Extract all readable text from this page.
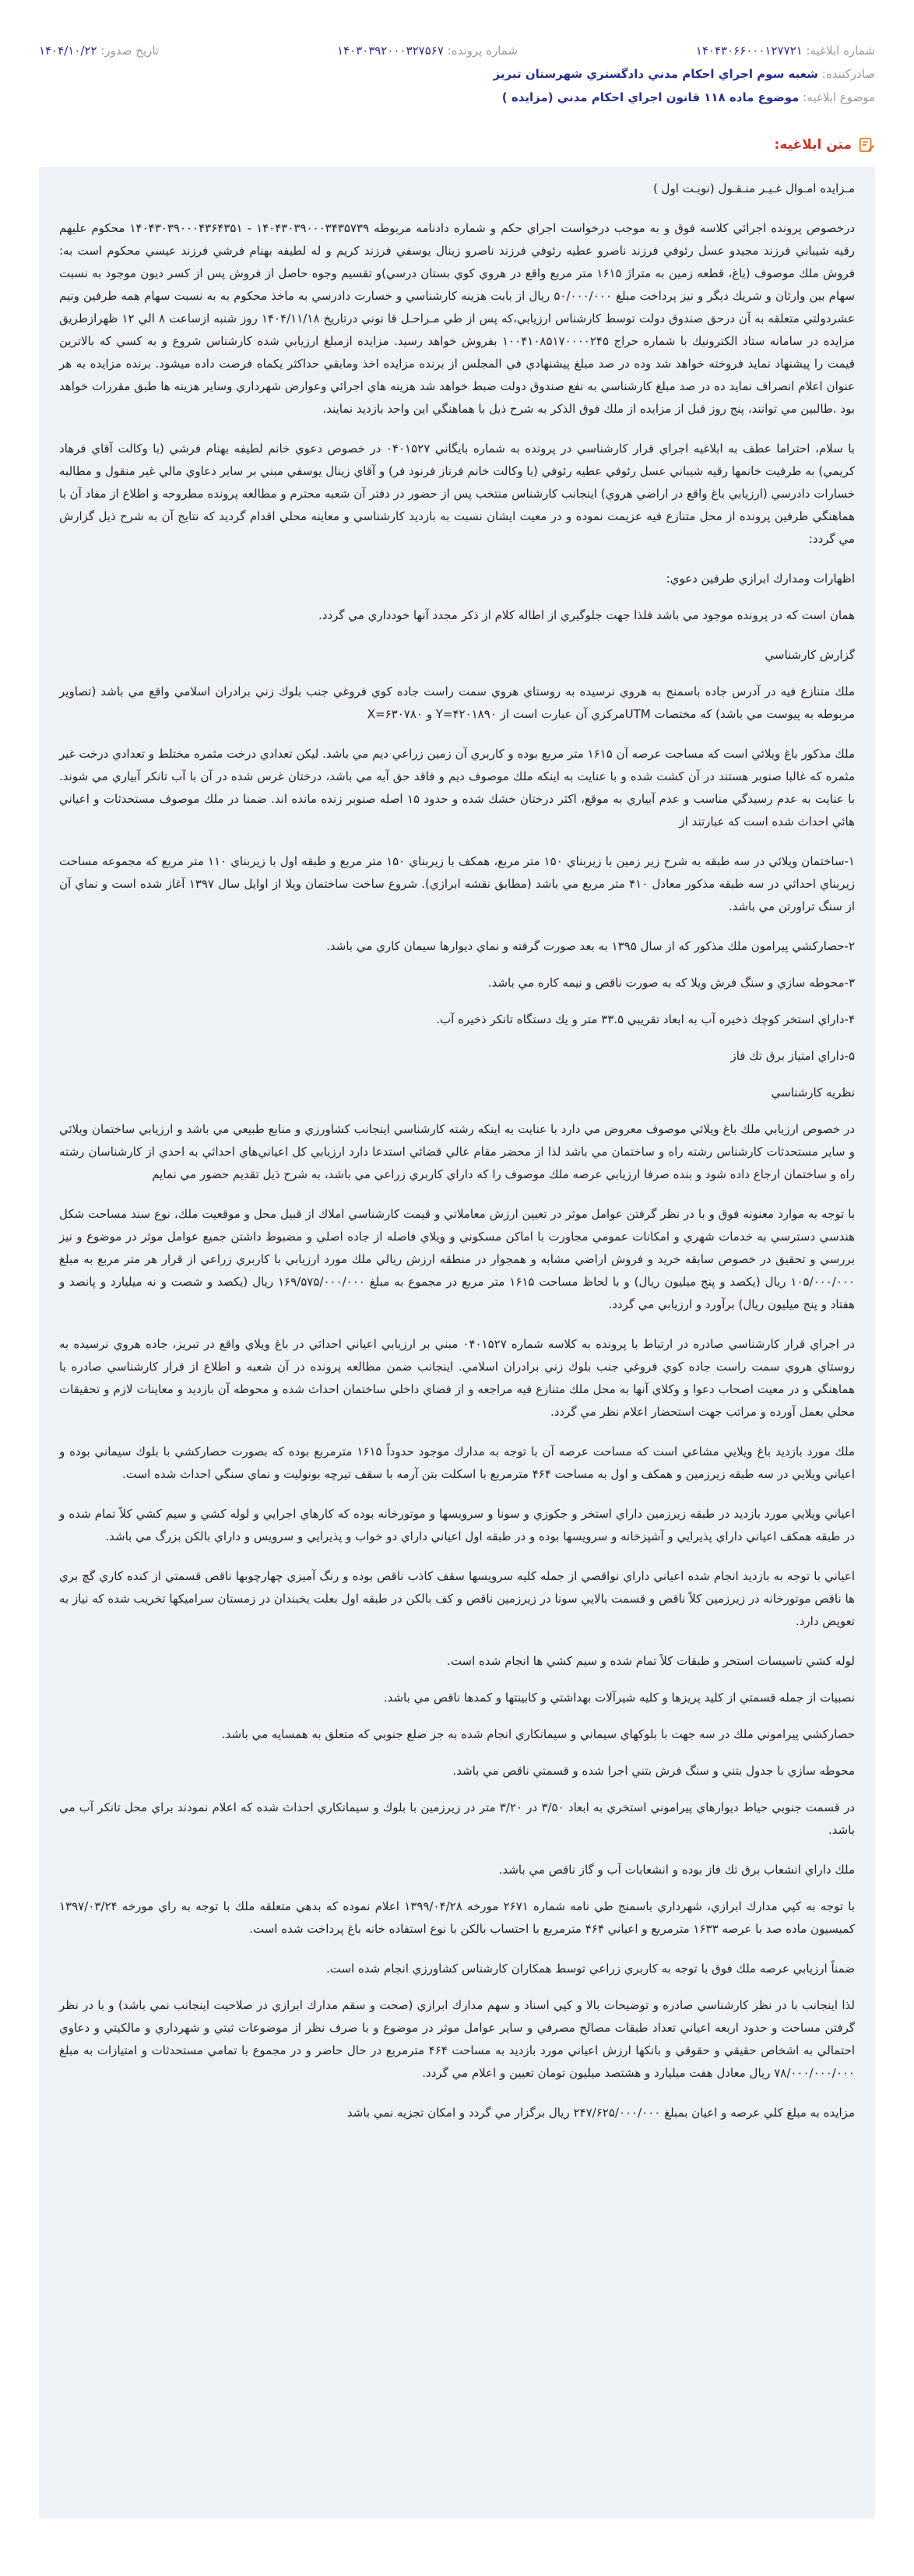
شماره ابلاغيه: ۱۴۰۴۳۰۶۶۰۰۰۱۲۷۷۲۱
شماره پرونده: ۱۴۰۳۰۳۹۲۰۰۰۳۲۷۵۶۷
تاريخ صدور: ۱۴۰۴/۱۰/۲۲
صادركننده: شعبه سوم اجراي احكام مدني دادگستري شهرستان تبريز
موضوع ابلاغيه: موضوع ماده ۱۱۸ قانون اجراي احكام مدني (مزايده )
متن ابلاغيه:

مـزايده امـوال غـيـر منـقـول (نوبـت اول )

درخصوص پرونده اجرائي كلاسه فوق و به موجب درخواست اجراي حكم و شماره دادنامه مربوطه ۱۴۰۴۳۰۳۹۰۰۰۳۴۳۵۷۳۹ - ۱۴۰۴۳۰۳۹۰۰۰۴۳۶۴۳۵۱ محكوم عليهم رقيه شيباني فرزند مجيدو عسل رئوفي فرزند ناصرو عطيه رئوفي فرزند ناصرو زينال يوسفي فرزند كريم و له لطيفه بهنام فرشي فرزند عيسي محكوم است به: فروش ملك موصوف (باغ، قطعه زمين به متراژ ۱۶۱۵ متر مربع واقع در هروي كوي بستان درسي)و تقسيم وجوه حاصل از فروش پس از كسر ديون موجود به نسبت سهام بين وارثان و شريك ديگر و نيز پرداخت مبلغ ۵۰/۰۰۰/۰۰۰ ريال از بابت هزينه كارشناسي و خسارت دادرسي به ماخذ محكوم به به نسبت سهام همه طرفين ونيم عشردولتي متعلقه به آن درحق صندوق دولت توسط كارشناس ارزيابي،كه پس از طي مـراحـل قا نوني درتاريخ ۱۴۰۴/۱۱/۱۸ روز شنبه ازساعت ۸ الي ۱۲ ظهرازطريق مزايده در سامانه ستاد الكترونيك با شماره حراج ۱۰۰۴۱۰۸۵۱۷۰۰۰۰۲۴۵ بفروش خواهد رسيد. مزايده ازمبلغ ارزيابي شده كارشناس شروع و به كسي كه بالاترين قيمت را پيشنهاد نمايد فروخته خواهد شد وده در صد مبلغ پيشنهادي في المجلس از برنده مزايده اخذ ومابقي حداكثر يكماه فرصت داده ميشود. برنده مزايده به هر عنوان اعلام انصراف نمايد ده در صد مبلغ كارشناسي به نفع صندوق دولت ضبط خواهد شد هزينه هاي اجرائي وعوارض شهرداري وساير هزينه ها طبق مقررات خواهد بود .طالبين مي توانند، پنج روز قبل از مزايده از ملك فوق الذكر به شرح ذيل با هماهنگي اين واحد بازديد نمايند.

با سلام، احتراما عطف به ابلاغيه اجراي قرار كارشناسي در پرونده به شماره بايگاني ۰۴۰۱۵۲۷ در خصوص دعوي خانم لطيفه بهنام فرشي (با وكالت آقاي فرهاد كريمي) به طرفيت خانمها رقيه شيباني عسل رئوفي عطيه رئوفي (با وكالت خانم فرناز فرنود فر) و آقاي زينال يوسفي مبني بر ساير دعاوي مالي غير منقول و مطالبه خسارات دادرسي (ارزيابي باغ واقع در اراضي هروي) اينجانب كارشناس منتخب پس از حضور در دفتر آن شعبه محترم و مطالعه پرونده مطروحه و اطلاع از مفاد آن با هماهنگي طرفين پرونده از محل متنازع فيه عزيمت نموده و در معيت ايشان نسبت به بازديد كارشناسي و معاينه محلي اقدام گرديد كه نتايج آن به شرح ذيل گزارش مي گردد:

اظهارات ومدارك ابرازي طرفين دعوي:

همان است كه در پرونده موجود مي باشد فلذا جهت جلوگيري از اطاله كلام از ذكر مجدد آنها خودداري مي گردد.

گزارش كارشناسي

ملك متنازع فيه در آدرس جاده باسمنج به هروي نرسيده به روستاي هروي سمت راست جاده كوي فروغي جنب بلوك زني برادران اسلامي واقع مي باشد (تصاوير مربوطه به پيوست مي باشد) كه مختصات UTMمركزي آن عبارت است از Y=۴۲۰۱۸۹۰ و X=۶۳۰۷۸۰

ملك مذكور باغ ويلائي است كه مساحت عرصه آن ۱۶۱۵ متر مربع بوده و كاربري آن زمين زراعي ديم مي باشد. ليكن تعدادي درخت مثمره مختلط و تعدادي درخت غير مثمره كه غالبا صنوبر هستند در آن كشت شده و با عنايت به اينكه ملك موصوف ديم و فاقد حق آبه مي باشد، درختان غرس شده در آن با آب تانكر آبياري مي شوند. با عنايت به عدم رسيدگي مناسب و عدم آبياري به موقع، اكثر درختان خشك شده و حدود ۱۵ اصله صنوبر زنده مانده اند. ضمنا در ملك موصوف مستحدثات و اعياني هائي احداث شده است كه عبارتند از

۱-ساختمان ويلائي در سه طبقه به شرح زير زمين با زيربناي ۱۵۰ متر مربع، همكف با زيربناي ۱۵۰ متر مربع و طبقه اول با زيربناي ۱۱۰ متر مربع كه مجموعه مساحت زيربناي احداثي در سه طبقه مذكور معادل ۴۱۰ متر مربع مي باشد (مطابق نقشه ابرازي). شروع ساخت ساختمان ويلا از اوايل سال ۱۳۹۷ آغاز شده است و نماي آن از سنگ تراورتن مي باشد.

۲-حصاركشي پيرامون ملك مذكور كه از سال ۱۳۹۵ به بعد صورت گرفته و نماي ديوارها سيمان كاري مي باشد.

۳-محوطه سازي و سنگ فرش ويلا كه به صورت ناقص و نيمه كاره مي باشد.

۴-داراي استخر كوچك ذخيره آب به ابعاد تقريبي ۳۳.۵ متر و يك دستگاه تانكر ذخيره آب.

۵-داراي امتياز برق تك فاز

نظريه كارشناسي

در خصوص ارزيابي ملك باغ ويلائي موصوف معروض مي دارد با عنايت به اينكه رشته كارشناسي اينجانب كشاورزي و منابع طبيعي مي باشد و ارزيابي ساختمان ويلائي و ساير مستحدثات كارشناس رشته راه و ساختمان مي باشد لذا از محضر مقام عالي قضائي استدعا دارد ارزيابي كل اعياني‌هاي احداثي به احدي از كارشناسان رشته راه و ساختمان ارجاع داده شود و بنده صرفا ارزيابي عرصه ملك موصوف را كه داراي كاربري زراعي مي باشد، به شرح ذيل تقديم حضور مي نمايم

با توجه به موارد معنونه فوق و با در نظر گرفتن عوامل موثر در تعيين ارزش معاملاتي و قيمت كارشناسي املاك از قبيل محل و موقعيت ملك، نوع سند مساحت شكل هندسي دسترسي به خدمات شهري و امكانات عمومي مجاورت با اماكن مسكوني و ويلاي فاصله از جاده اصلي و مضبوط داشتن جميع عوامل موثر در موضوع و نيز بررسي و تحقيق در خصوص سابقه خريد و فروش اراضي مشابه و همجوار در منطقه ارزش ريالي ملك مورد ارزيابي با كاربري زراعي از قرار هر متر مربع به مبلغ ۱۰۵/۰۰۰/۰۰۰ ريال (يكصد و پنج ميليون ريال) و با لحاظ مساحت ۱۶۱۵ متر مربع در مجموع به مبلغ ۱۶۹/۵۷۵/۰۰۰/۰۰۰ ريال (يكصد و شصت و نه ميليارد و پانصد و هفتاد و پنج ميليون ريال) برآورد و ارزيابي مي گردد.

در اجراي قرار كارشناسي صادره در ارتباط با پرونده به كلاسه شماره ۰۴۰۱۵۲۷ مبني بر ارزيابي اعياني احداثي در باغ ويلاي واقع در تبريز، جاده هروي نرسيده به روستاي هروي سمت راست جاده كوي فروغي جنب بلوك زني برادران اسلامي. اينجانب ضمن مطالعه پرونده در آن شعبه و اطلاع از قرار كارشناسي صادره با هماهنگي و در معيت اصحاب دعوا و وكلاي آنها به محل ملك متنازع فيه مراجعه و از فضاي داخلي ساختمان احداث شده و محوطه آن بازديد و معاينات لازم و تحقيقات محلي بعمل آورده و مراتب جهت استحضار اعلام نظر مي گردد.

ملك مورد بازديد باغ ويلايي مشاعي است كه مساحت عرصه آن با توجه به مدارك موجود حدوداً ۱۶۱۵ مترمربع بوده كه بصورت حصاركشي با بلوك سيماني بوده و اعياني ويلايي در سه طبقه زيرزمين و همكف و اول به مساحت ۴۶۴ مترمربع با اسكلت بتن آرمه با سقف تيرچه بونوليت و نماي سنگي احداث شده است.

اعياني ويلايي مورد بازديد در طبقه زيرزمين داراي استخر و جكوزي و سونا و سرويسها و موتورخانه بوده كه كارهاي اجرايي و لوله كشي و سيم كشي كلاً تمام شده و در طبقه همكف اعياني داراي پذيرايي و آشپزخانه و سرويسها بوده و در طبقه اول اعياني داراي دو خواب و پذيرايي و سرويس و داراي بالكن بزرگ مي باشد.

اعياني با توجه به بازديد انجام شده اعياني داراي نواقصي از جمله كليه سرويسها سقف كاذب ناقص بوده و رنگ آميزي چهارچوبها ناقص قسمتي از كنده كاري گچ بري ها ناقص موتورخانه در زيرزمين كلاً ناقص و قسمت بالايي سونا در زيرزمين ناقص و كف بالكن در طبقه اول بعلت يخبندان در زمستان سراميكها تخريب شده كه نياز به تعويض دارد.

لوله كشي تاسيسات استخر و طبقات كلاً تمام شده و سيم كشي ها انجام شده است.

نصبيات از جمله قسمتي از كليد پريزها و كليه شيرآلات بهداشتي و كابينتها و كمدها ناقص مي باشد.

حصاركشي پيراموني ملك در سه جهت با بلوكهاي سيماني و سيمانكاري انجام شده به جز ضلع جنوبي كه متعلق به همسايه مي باشد.

محوطه سازي با جدول بتني و سنگ فرش بتني اجرا شده و قسمتي ناقص مي باشد.

در قسمت جنوبي حياط ديوارهاي پيراموني استخري به ابعاد ۳/۵۰ در ۳/۲۰ متر در زيرزمين با بلوك و سيمانكاري احداث شده كه اعلام نمودند براي محل تانكر آب مي باشد.

ملك داراي انشعاب برق تك فاز بوده و انشعابات آب و گاز ناقص مي باشد.

با توجه به كپي مدارك ابرازي، شهرداري باسمنج طي نامه شماره ۲۶۷۱ مورخه ۱۳۹۹/۰۴/۲۸ اعلام نموده كه بدهي متعلقه ملك با توجه به راي مورخه ۱۳۹۷/۰۳/۲۴ كميسيون ماده صد با عرصه ۱۶۳۳ مترمربع و اعياني ۴۶۴ مترمربع با احتساب بالكن با نوع استفاده خانه باغ پرداخت شده است.

ضمناً ارزيابي عرصه ملك فوق با توجه به كاربري زراعي توسط همكاران كارشناس كشاورزي انجام شده است.

لذا اينجانب با در نظر كارشناسي صادره و توضيحات بالا و كپي اسناد و سهم مدارك ابرازي (صحت و سقم مدارك ابرازي در صلاحيت اينجانب نمي باشد) و با در نظر گرفتن مساحت و حدود اربعه اعياني تعداد طبقات مصالح مصرفي و ساير عوامل موثر در موضوع و با صرف نظر از موضوعات ثبتي و شهرداري و مالكيتي و دعاوي احتمالي به اشخاص حقيقي و حقوقي و بانكها ارزش اعياني مورد بازديد به مساحت ۴۶۴ مترمربع در حال حاضر و در مجموع با تمامي مستحدثات و امتيازات به مبلغ ۷۸/۰۰۰/۰۰۰/۰۰۰ ريال معادل هفت ميليارد و هشتصد ميليون تومان تعيين و اعلام مي گردد.

مزايده به مبلغ كلي عرصه و اعيان بمبلغ ۲۴۷/۶۲۵/۰۰۰/۰۰۰ ريال برگزار مي گردد و امكان تجزيه نمي باشد
